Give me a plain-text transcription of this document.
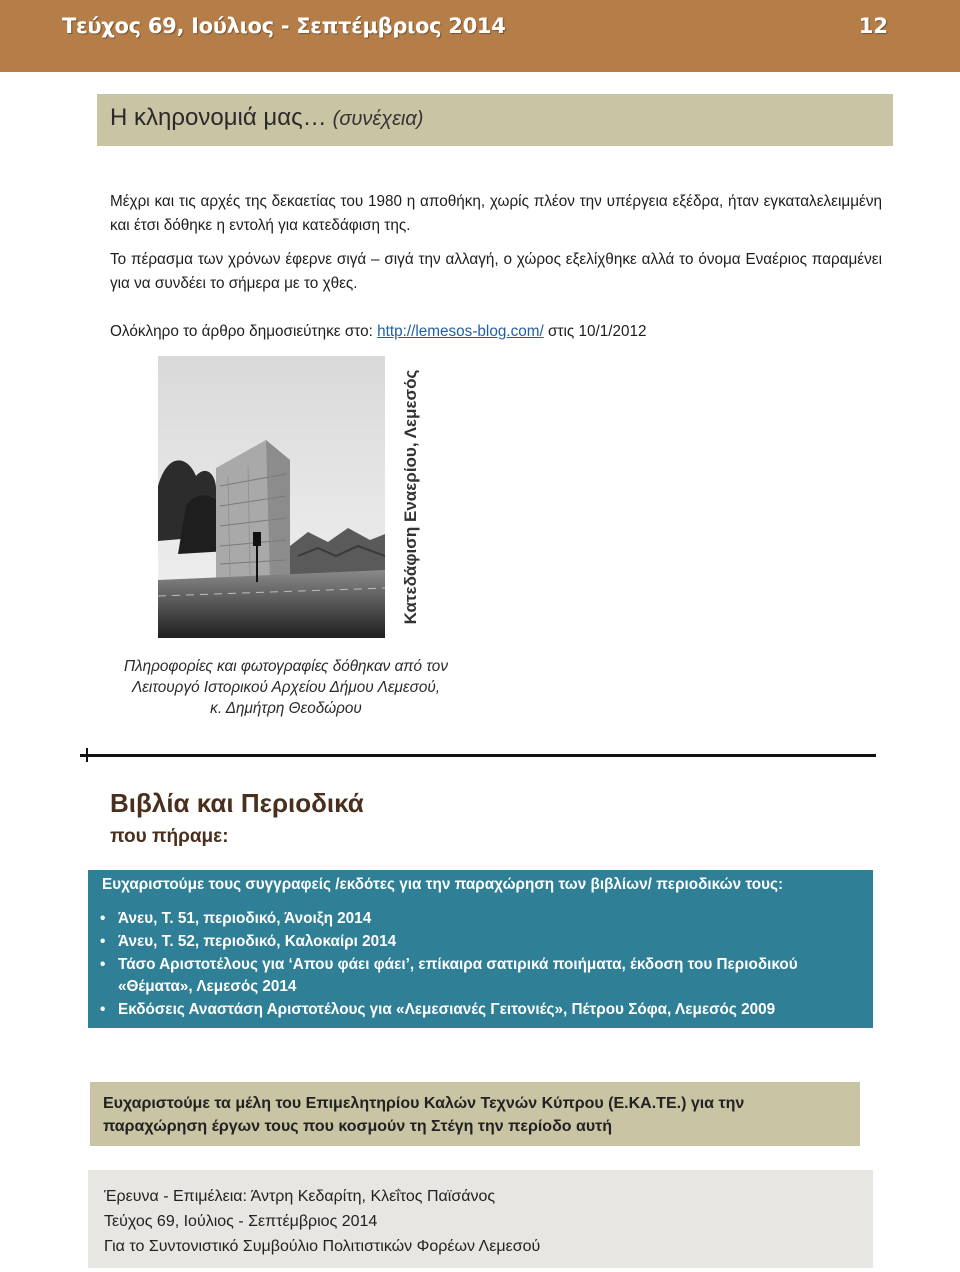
Τεύχος 69, Ιούλιος - Σεπτέμβριος 2014	12
Η κληρονομιά μας… (συνέχεια)
Μέχρι και τις αρχές της δεκαετίας του 1980 η αποθήκη, χωρίς πλέον την υπέργεια εξέδρα, ήταν εγκαταλελειμμένη και έτσι δόθηκε η εντολή για κατεδάφιση της.
Το πέρασμα των χρόνων έφερνε σιγά – σιγά την αλλαγή, ο χώρος εξελίχθηκε αλλά το όνομα Εναέριος παραμένει για να συνδέει το σήμερα με το χθες.
Ολόκληρο το άρθρο δημοσιεύτηκε στο: http://lemesos-blog.com/ στις 10/1/2012
Κατεδάφιση Εναερίου, Λεμεσός
Πληροφορίες και φωτογραφίες δόθηκαν από τον
Λειτουργό Ιστορικού Αρχείου Δήμου Λεμεσού,
κ. Δημήτρη Θεοδώρου
Βιβλία και Περιοδικά
που πήραμε:
Ευχαριστούμε τους συγγραφείς /εκδότες για την παραχώρηση των βιβλίων/ περιοδικών τους:
• Άνευ, Τ. 51, περιοδικό, Άνοιξη 2014
• Άνευ, Τ. 52, περιοδικό, Καλοκαίρι 2014
• Τάσο Αριστοτέλους για ‘Απου φάει φάει’, επίκαιρα σατιρικά ποιήματα, έκδοση του Περιοδικού «Θέματα», Λεμεσός 2014
• Εκδόσεις Αναστάση Αριστοτέλους για «Λεμεσιανές Γειτονιές», Πέτρου Σόφα, Λεμεσός 2009
Ευχαριστούμε τα μέλη του Επιμελητηρίου Καλών Τεχνών Κύπρου (Ε.ΚΑ.ΤΕ.) για την παραχώρηση έργων τους που κοσμούν τη Στέγη την περίοδο αυτή
Έρευνα - Επιμέλεια: Άντρη Κεδαρίτη, Κλεΐτος Παϊσάνος
Τεύχος 69, Ιούλιος - Σεπτέμβριος 2014
Για το Συντονιστικό Συμβούλιο Πολιτιστικών Φορέων Λεμεσού
